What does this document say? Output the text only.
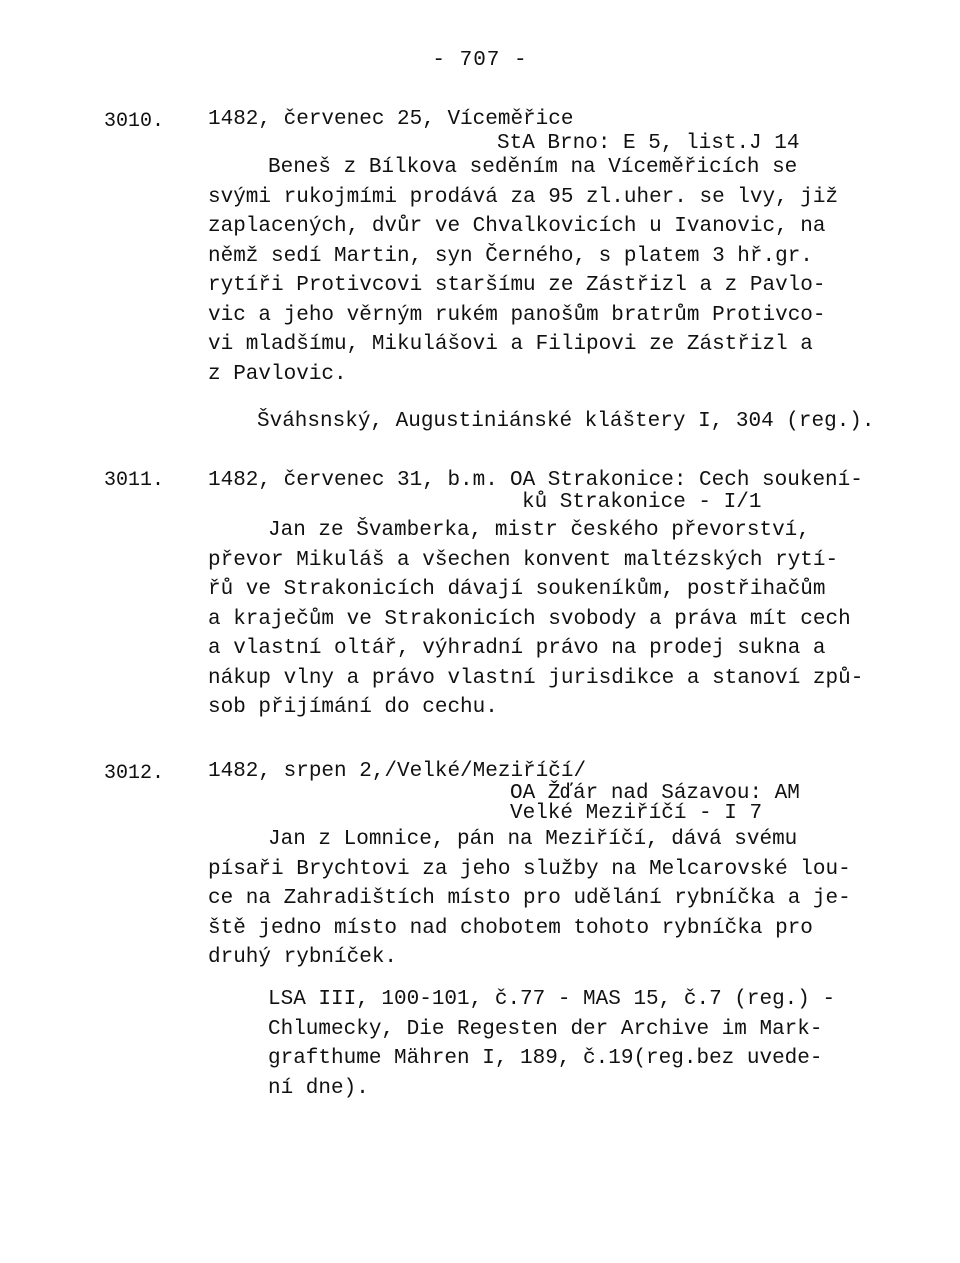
- 707 -
3010. 1482, červenec 25, Víceměřice
StA Brno: E 5, list.J 14
Beneš z Bílkova seděním na Víceměřicích se
svými rukojmími prodává za 95 zl.uher. se lvy, již
zaplacených, dvůr ve Chvalkovicích u Ivanovic, na
němž sedí Martin, syn Černého, s platem 3 hř.gr.
rytíři Protivcovi staršímu ze Zástřizl a z Pavlo-
vic a jeho věrným rukém panošům bratrům Protivco-
vi mladšímu, Mikulášovi a Filipovi ze Zástřizl a
z Pavlovic.
Šváhsnský, Augustiniánské kláštery I, 304 (reg.).
3011. 1482, červenec 31, b.m. OA Strakonice: Cech soukení-
ků Strakonice - I/1
Jan ze Švamberka, mistr českého převorství,
převor Mikuláš a všechen konvent maltézských rytí-
řů ve Strakonicích dávají soukeníkům, postřihačům
a kraječům ve Strakonicích svobody a práva mít cech
a vlastní oltář, výhradní právo na prodej sukna a
nákup vlny a právo vlastní jurisdikce a stanoví způ-
sob přijímání do cechu.
3012. 1482, srpen 2,/Velké/Meziříčí/
OA Žďár nad Sázavou: AM
Velké Meziříčí - I 7
Jan z Lomnice, pán na Meziříčí, dává svému
písaři Brychtovi za jeho služby na Melcarovské lou-
ce na Zahradištích místo pro udělání rybníčka a je-
ště jedno místo nad chobotem tohoto rybníčka pro
druhý rybníček.
LSA III, 100-101, č.77 - MAS 15, č.7 (reg.) -
Chlumecky, Die Regesten der Archive im Mark-
grafthume Mähren I, 189, č.19(reg.bez uvede-
ní dne).
